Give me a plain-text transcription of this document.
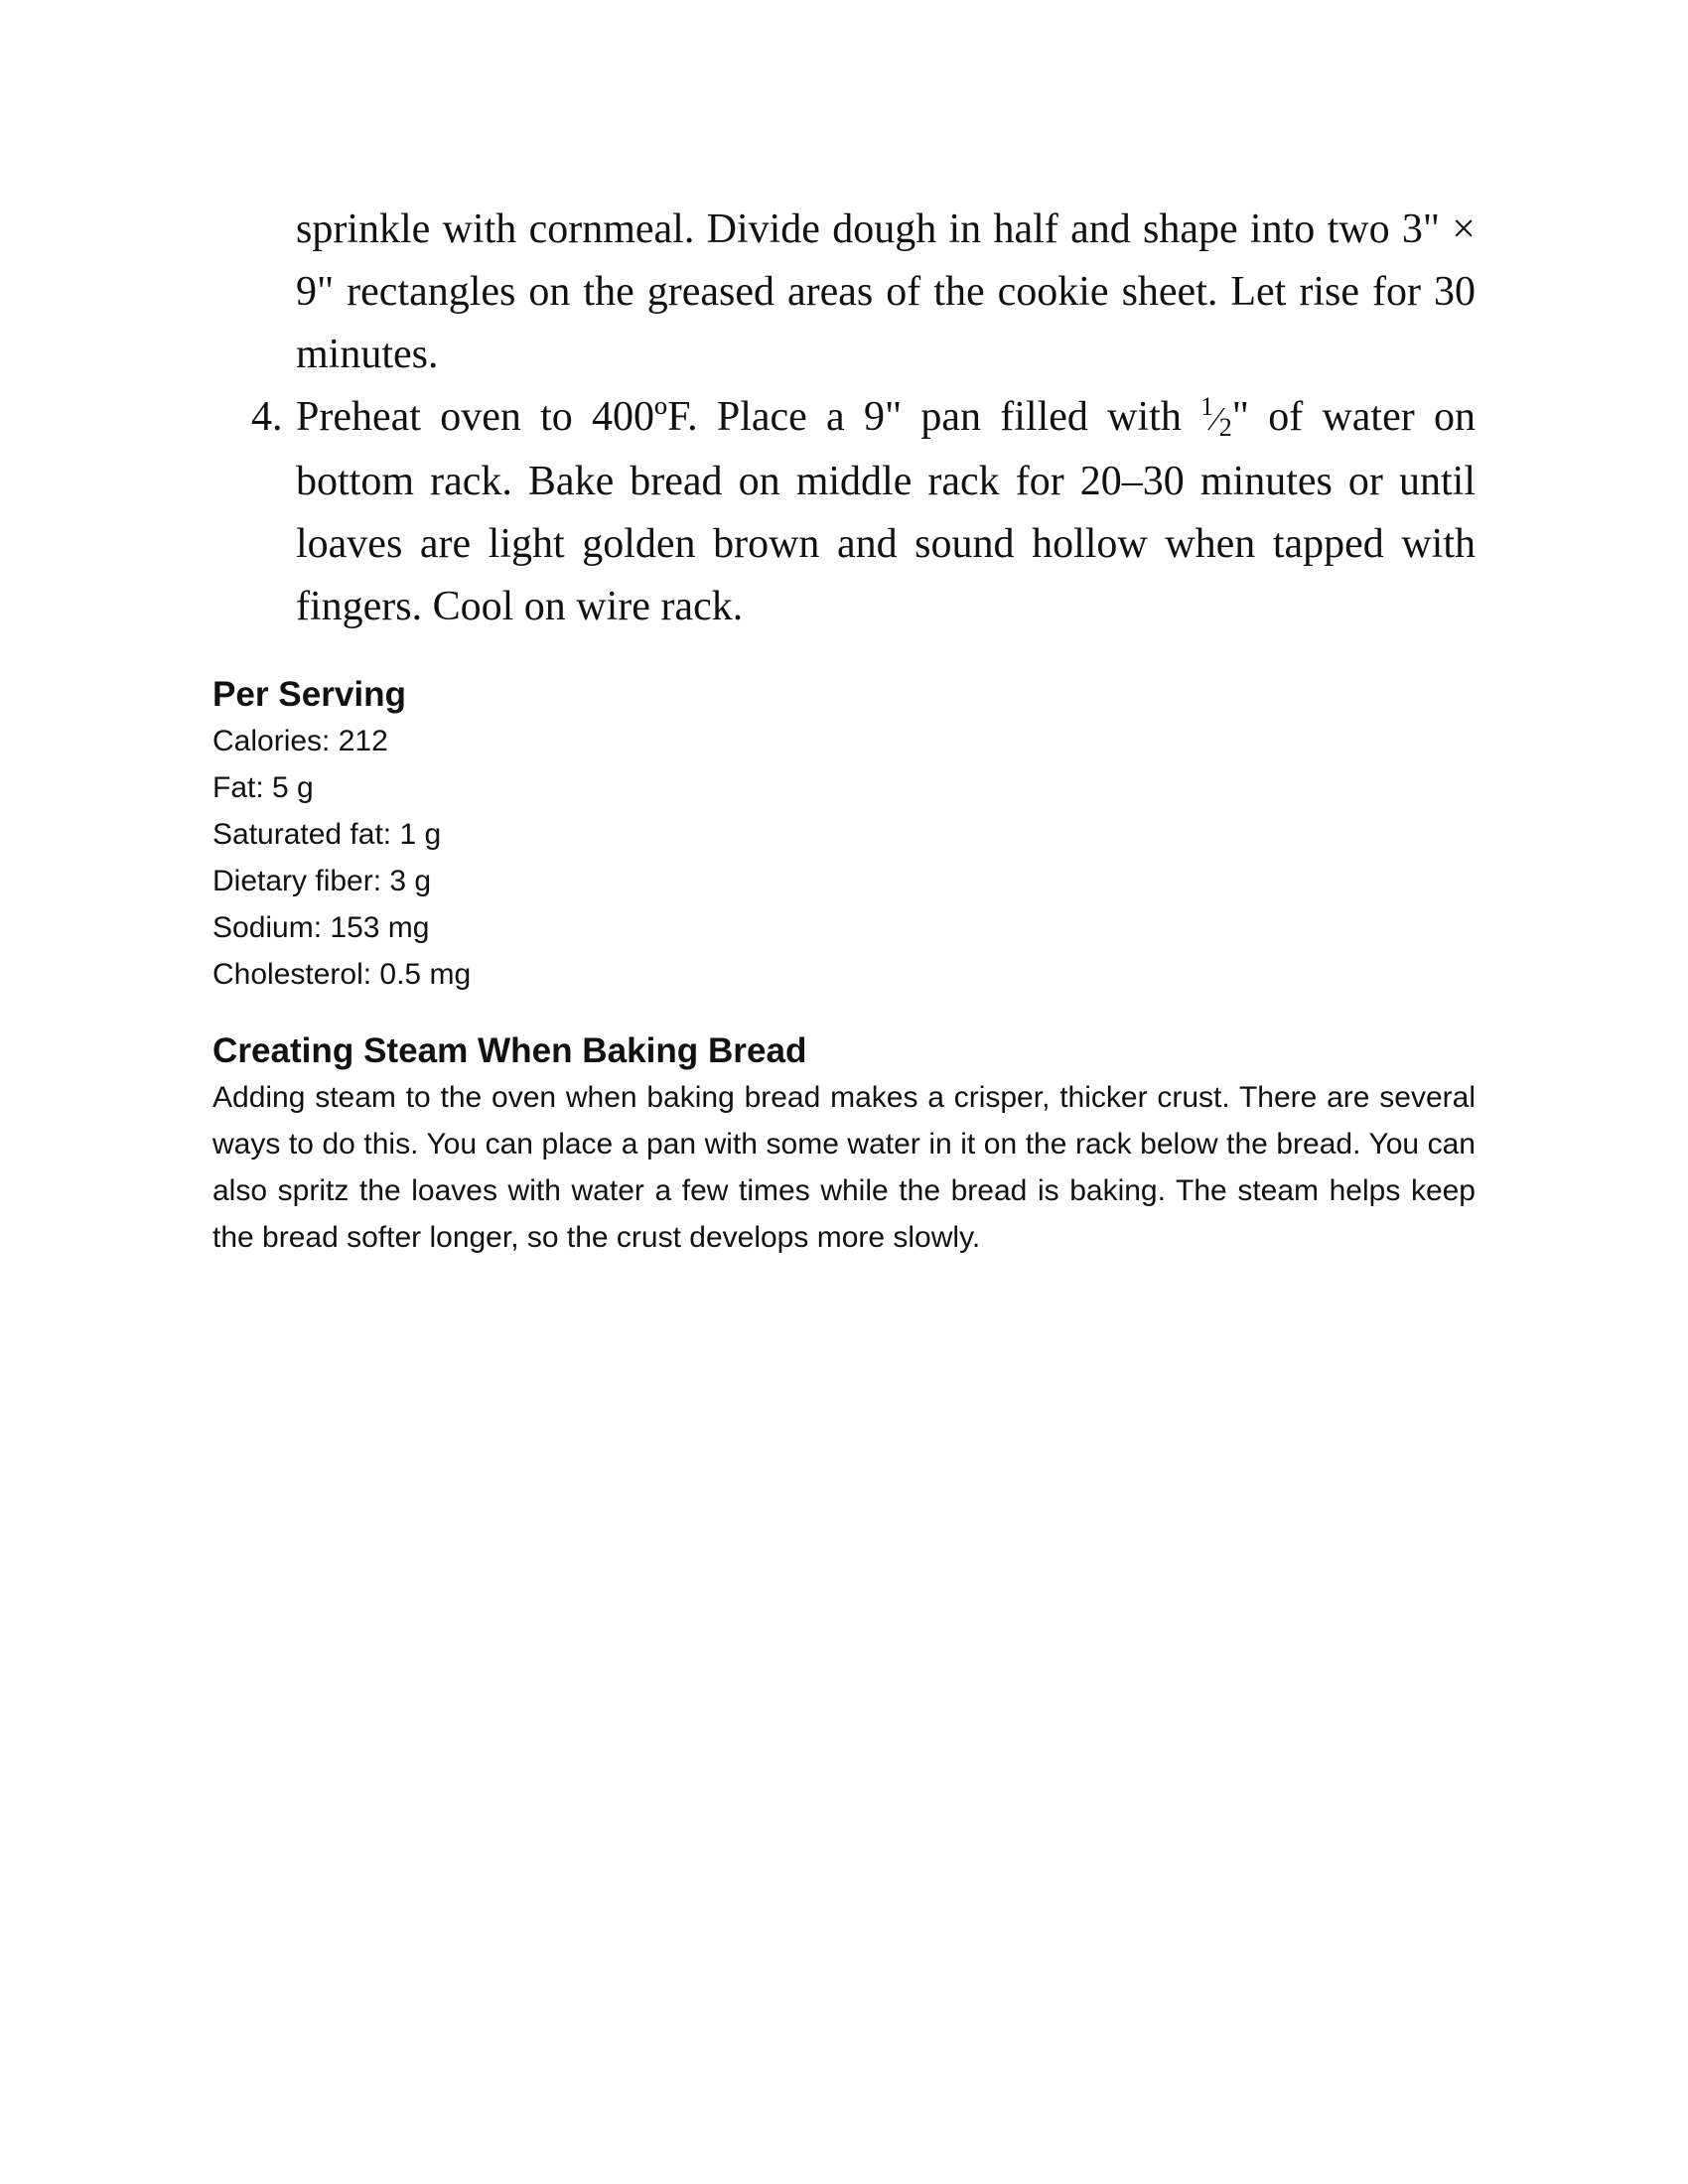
sprinkle with cornmeal. Divide dough in half and shape into two 3" × 9" rectangles on the greased areas of the cookie sheet. Let rise for 30 minutes.

4. Preheat oven to 400ºF. Place a 9" pan filled with $^1⁄_2$" of water on bottom rack. Bake bread on middle rack for 20–30 minutes or until loaves are light golden brown and sound hollow when tapped with fingers. Cool on wire rack.

Per Serving
Calories: 212
Fat: 5 g
Saturated fat: 1 g
Dietary fiber: 3 g
Sodium: 153 mg
Cholesterol: 0.5 mg
Creating Steam When Baking Bread

Adding steam to the oven when baking bread makes a crisper, thicker crust. There are several ways to do this. You can place a pan with some water in it on the rack below the bread. You can also spritz the loaves with water a few times while the bread is baking. The steam helps keep the bread softer longer, so the crust develops more slowly.
